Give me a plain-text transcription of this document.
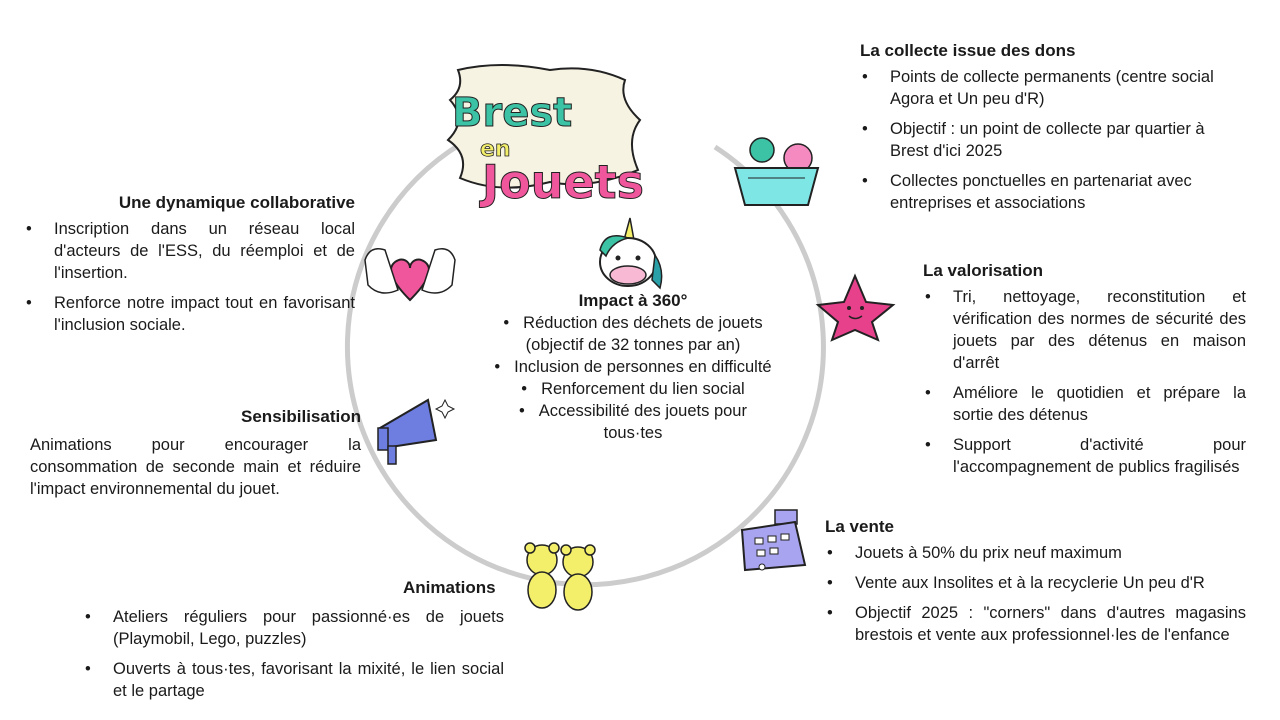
Brest
en
Jouets
Impact à 360°
• Réduction des déchets de jouets (objectif de 32 tonnes par an)
• Inclusion de personnes en difficulté
• Renforcement du lien social
• Accessibilité des jouets pour tous·tes
La collecte issue des dons
• Points de collecte permanents (centre social Agora et Un peu d'R)
• Objectif : un point de collecte par quartier à Brest d'ici 2025
• Collectes ponctuelles en partenariat avec entreprises et associations
La valorisation
• Tri, nettoyage, reconstitution et vérification des normes de sécurité des jouets par des détenus en maison d'arrêt
• Améliore le quotidien et prépare la sortie des détenus
• Support d'activité pour l'accompagnement de publics fragilisés
La vente
• Jouets à 50% du prix neuf maximum
• Vente aux Insolites et à la recyclerie Un peu d'R
• Objectif 2025 : "corners" dans d'autres magasins brestois et vente aux professionnel·les de l'enfance
Animations
• Ateliers réguliers pour passionné·es de jouets (Playmobil, Lego, puzzles)
• Ouverts à tous·tes, favorisant la mixité, le lien social et le partage
Sensibilisation

Animations pour encourager la consommation de seconde main et réduire l'impact environnemental du jouet.

Une dynamique collaborative
• Inscription dans un réseau local d'acteurs de l'ESS, du réemploi et de l'insertion.
• Renforce notre impact tout en favorisant l'inclusion sociale.
